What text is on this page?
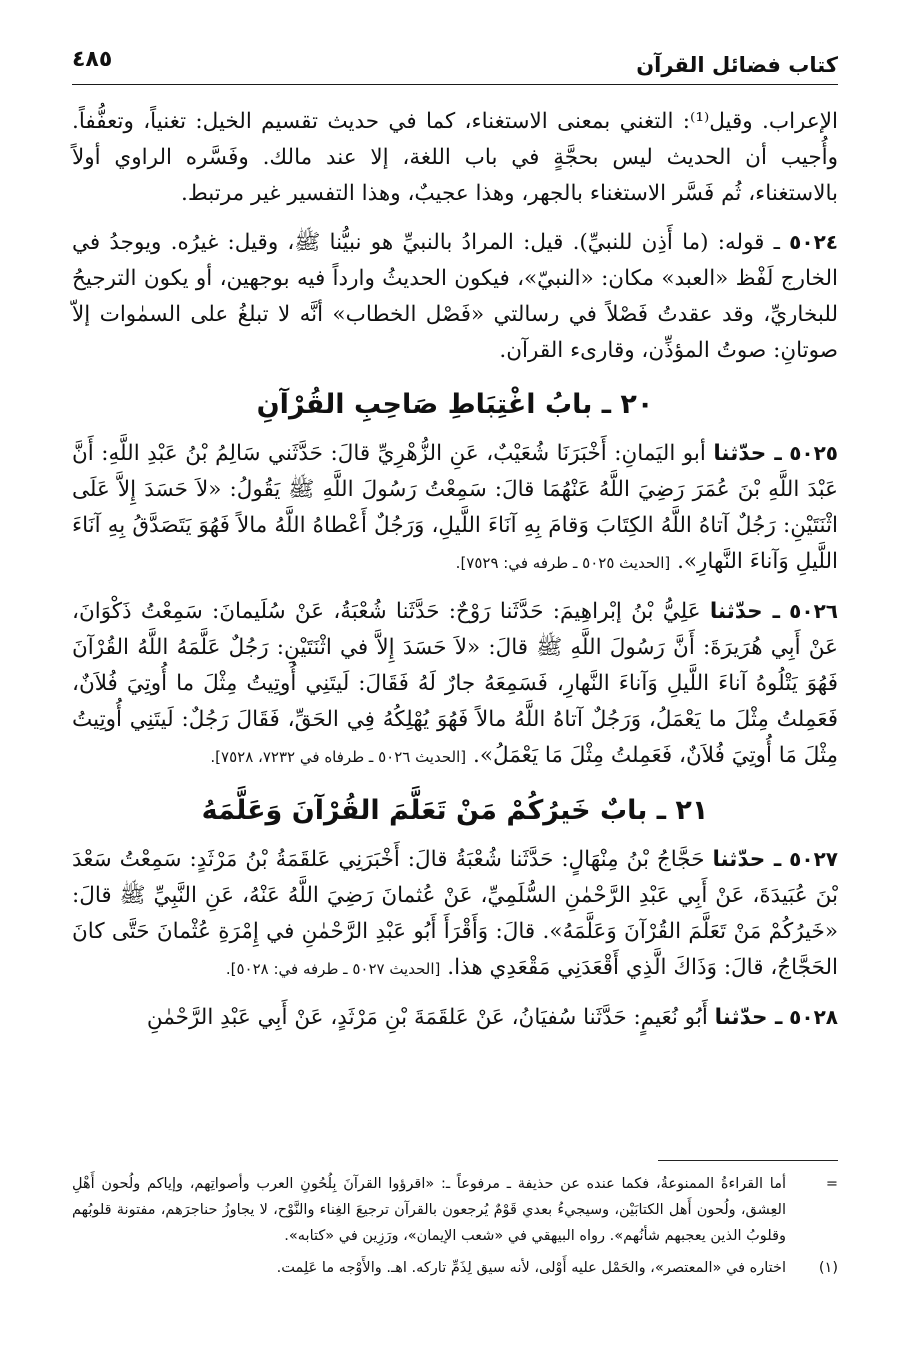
كتاب فضائل القرآن
٤٨٥

الإعراب. وقيل⁽¹⁾: التغني بمعنى الاستغناء، كما في حديث تقسيم الخيل: تغنياً، وتعفُّفاً. وأُجيب أن الحديث ليس بحجَّةٍ في باب اللغة، إلا عند مالك. وفَسَّره الراوي أولاً بالاستغناء، ثُم فَسَّر الاستغناء بالجهر، وهذا عجيبٌ، وهذا التفسير غير مرتبط.

٥٠٢٤ ـ قوله: (ما أَذِن للنبيِّ). قيل: المرادُ بالنبيِّ هو نبيُّنا ﷺ، وقيل: غيرُه. ويوجدُ في الخارج لَفْظ «العبد» مكان: «النبيّ»، فيكون الحديثُ وارداً فيه بوجهين، أو يكون الترجيحُ للبخاريِّ، وقد عقدتُ فَصْلاً في رسالتي «فَصْل الخطاب» أنَّه لا تبلغُ على السمٰوات إلاّ صوتانِ: صوتُ المؤذِّن، وقارىء القرآن.

٢٠ ـ بابُ اغْتِبَاطِ صَاحِبِ القُرْآنِ

٥٠٢٥ ـ حدّثنا أبو اليَمانِ: أَخْبَرَنَا شُعَيْبٌ، عَنِ الزُّهْرِيِّ قالَ: حَدَّثَني سَالِمُ بْنُ عَبْدِ اللَّهِ: أَنَّ عَبْدَ اللَّهِ بْنَ عُمَرَ رَضِيَ اللَّهُ عَنْهُمَا قالَ: سَمِعْتُ رَسُولَ اللَّهِ ﷺ يَقُولُ: «لاَ حَسَدَ إِلاَّ عَلَى اثْنَتَيْنِ: رَجُلٌ آتاهُ اللَّهُ الكِتَابَ وَقامَ بِهِ آنَاءَ اللَّيلِ، وَرَجُلٌ أَعْطاهُ اللَّهُ مالاً فَهُوَ يَتَصَدَّقُ بِهِ آنَاءَ اللَّيلِ وَآناءَ النَّهارِ». [الحديث ٥٠٢٥ ـ طرفه في: ٧٥٢٩].

٥٠٢٦ ـ حدّثنا عَلِيُّ بْنُ إبْراهِيمَ: حَدَّثَنا رَوْحٌ: حَدَّثَنا شُعْبَةُ، عَنْ سُلَيمانَ: سَمِعْتُ ذَكْوَانَ، عَنْ أَبِي هُرَيرَةَ: أَنَّ رَسُولَ اللَّهِ ﷺ قالَ: «لاَ حَسَدَ إِلاَّ في اثْنَتَيْنِ: رَجُلٌ عَلَّمَهُ اللَّهُ القُرْآنَ فَهُوَ يَتْلُوهُ آناءَ اللَّيلِ وَآناءَ النَّهارِ، فَسَمِعَهُ جارٌ لَهُ فَقَالَ: لَيتَنِي أُوتِيتُ مِثْلَ ما أُوتِيَ فُلاَنٌ، فَعَمِلتُ مِثْلَ ما يَعْمَلُ، وَرَجُلٌ آتاهُ اللَّهُ مالاً فَهُوَ يُهْلِكُهُ فِي الحَقِّ، فَقَالَ رَجُلٌ: لَيتَنِي أُوتِيتُ مِثْلَ مَا أُوتِيَ فُلاَنٌ، فَعَمِلتُ مِثْلَ مَا يَعْمَلُ». [الحديث ٥٠٢٦ ـ طرفاه في ٧٢٣٢، ٧٥٢٨].

٢١ ـ بابٌ خَيرُكُمْ مَنْ تَعَلَّمَ القُرْآنَ وَعَلَّمَهُ

٥٠٢٧ ـ حدّثنا حَجَّاجُ بْنُ مِنْهَالٍ: حَدَّثَنا شُعْبَةُ قالَ: أَخْبَرَنِي عَلقَمَةُ بْنُ مَرْثَدٍ: سَمِعْتُ سَعْدَ بْنَ عُبَيدَةَ، عَنْ أَبِي عَبْدِ الرَّحْمٰنِ السُّلَمِيِّ، عَنْ عُثمانَ رَضِيَ اللَّهُ عَنْهُ، عَنِ النَّبِيِّ ﷺ قالَ: «خَيرُكُمْ مَنْ تَعَلَّمَ القُرْآنَ وَعَلَّمَهُ». قالَ: وَأَقْرَأَ أَبُو عَبْدِ الرَّحْمٰنِ في إِمْرَةِ عُثْمانَ حَتَّى كانَ الحَجَّاجُ، قالَ: وَذَاكَ الَّذِي أَقْعَدَنِي مَقْعَدِي هذا. [الحديث ٥٠٢٧ ـ طرفه في: ٥٠٢٨].

٥٠٢٨ ـ حدّثنا أَبُو نُعَيمٍ: حَدَّثَنا سُفيَانُ، عَنْ عَلقَمَةَ بْنِ مَرْثَدٍ، عَنْ أَبِي عَبْدِ الرَّحْمٰنِ

=
أما القراءةُ الممنوعةُ، فكما عنده عن حذيفة ـ مرفوعاً ـ: «اقرؤوا القرآنَ بِلُحُونِ العرب وأصواتِهم، وإياكم ولُحون أَهْلِ العِشق، ولُحون أَهل الكتابَيْن، وسيجيءُ بعدي قَوْمٌ يُرجعون بالقرآن ترجيعَ الغِناء والنَّوْح، لا يجاوزُ حناجرَهم، مفتونة قلوبُهم وقلوبُ الذين يعجبهم شأنُهم». رواه البيهقي في «شعب الإيمان»، ورَزِين في «كتابه».

(١)
اختاره في «المعتصر»، والحَمْل عليه أَوْلى، لأنه سيق لِذَمِّ تاركه. اهـ. والأَوْجه ما عَلِمت.
